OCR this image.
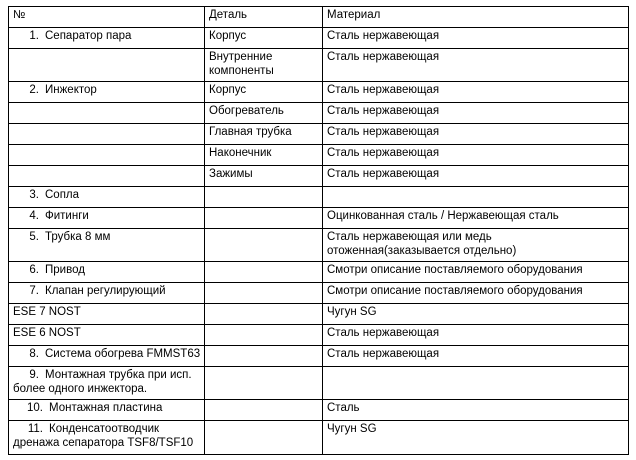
№	Деталь	Материал

1. Сепаратор пара	Корпус	Сталь нержавеющая

	Внутренние компоненты	Сталь нержавеющая

2. Инжектор	Корпус	Сталь нержавеющая

	Обогреватель	Сталь нержавеющая

	Главная трубка	Сталь нержавеющая

	Наконечник	Сталь нержавеющая

	Зажимы	Сталь нержавеющая

3. Сопла		

4. Фитинги		Оцинкованная сталь / Нержавеющая сталь

5. Трубка 8 мм		Сталь нержавеющая или медь отоженная(заказывается отдельно)

6. Привод		Смотри описание поставляемого оборудования

7. Клапан регулирующий		Смотри описание поставляемого оборудования

ESE 7 NOST		Чугун SG

ESE 6 NOST		Сталь нержавеющая

8. Система обогрева FMMST63		Сталь нержавеющая

9. Монтажная трубка при исп. более одного инжектора.		

10. Монтажная пластина		Сталь

11. Конденсатоотводчик дренажа сепаратора TSF8/TSF10		Чугун SG
